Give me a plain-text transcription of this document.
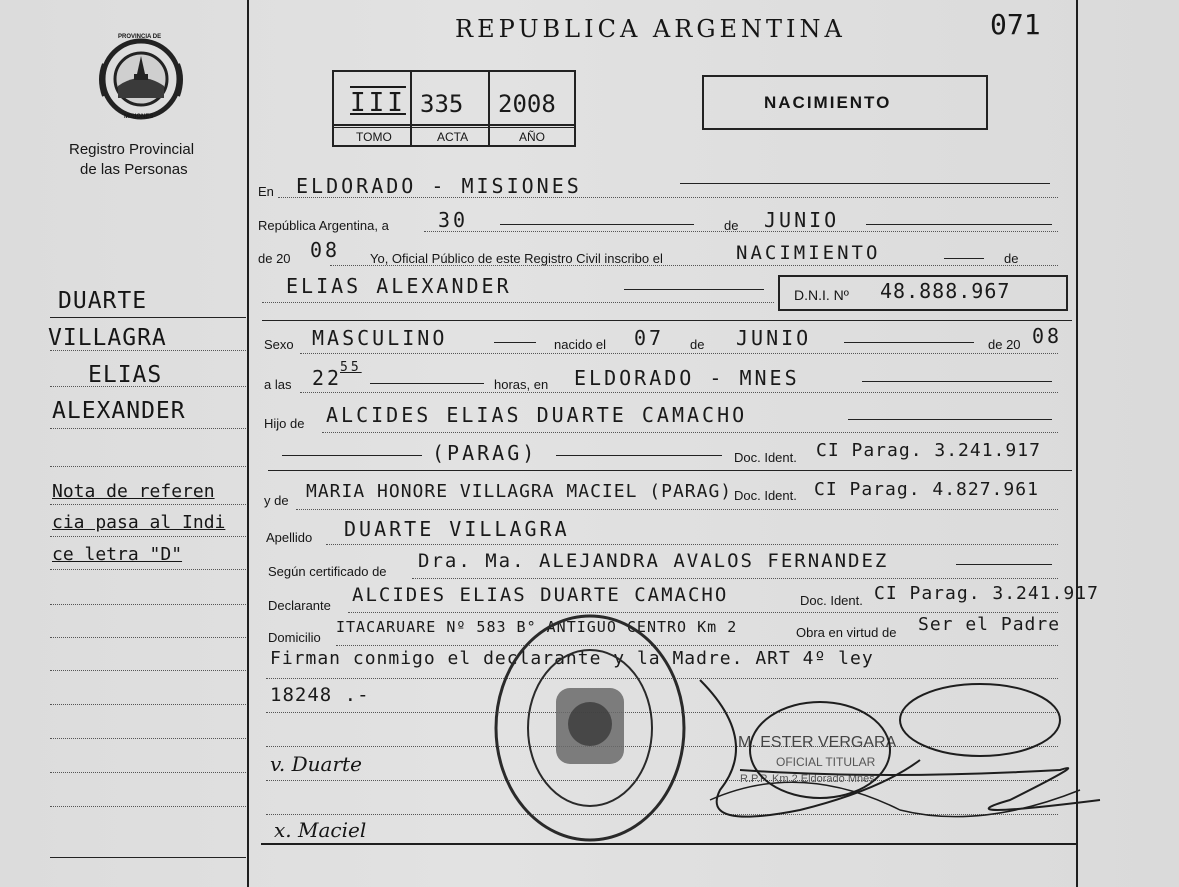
REPUBLICA ARGENTINA	071
PROVINCIA DE
MISIONES
Registro Provincial
de las Personas
III 335 2008
TOMO	ACTA	AÑO
NACIMIENTO
DUARTE
VILLAGRA
ELIAS
ALEXANDER
Nota de referen
cia pasa al Indi
ce letra "D"
v. Duarte
x. Maciel
En ELDORADO - MISIONES
República Argentina, a 30	de JUNIO
de 20 08 Yo, Oficial Público de este Registro Civil inscribo el	NACIMIENTO	de
ELIAS ALEXANDER	D.N.I. Nº 48.888.967
Sexo MASCULINO	nacido el 07 de JUNIO	de 20 08
a las 22
55
horas, en ELDORADO - MNES
Hijo de ALCIDES ELIAS DUARTE CAMACHO
(PARAG)	Doc. Ident. CI Parag. 3.241.917
y de MARIA HONORE VILLAGRA MACIEL (PARAG) Doc. Ident. CI Parag. 4.827.961
Apellido DUARTE VILLAGRA
Según certificado de Dra. Ma. ALEJANDRA AVALOS FERNANDEZ
Declarante ALCIDES ELIAS DUARTE CAMACHO	Doc. Ident. CI Parag. 3.241.917
Domicilio
ITACARUARE Nº 583 B° ANTIGUO CENTRO Km 2	Obra en virtud de Ser el Padre
Firman conmigo el declarante y la Madre. ART 4º ley
18248 .-
M. ESTER VERGARA
OFICIAL TITULAR
R.P.P. Km 2 Eldorado Mnes
